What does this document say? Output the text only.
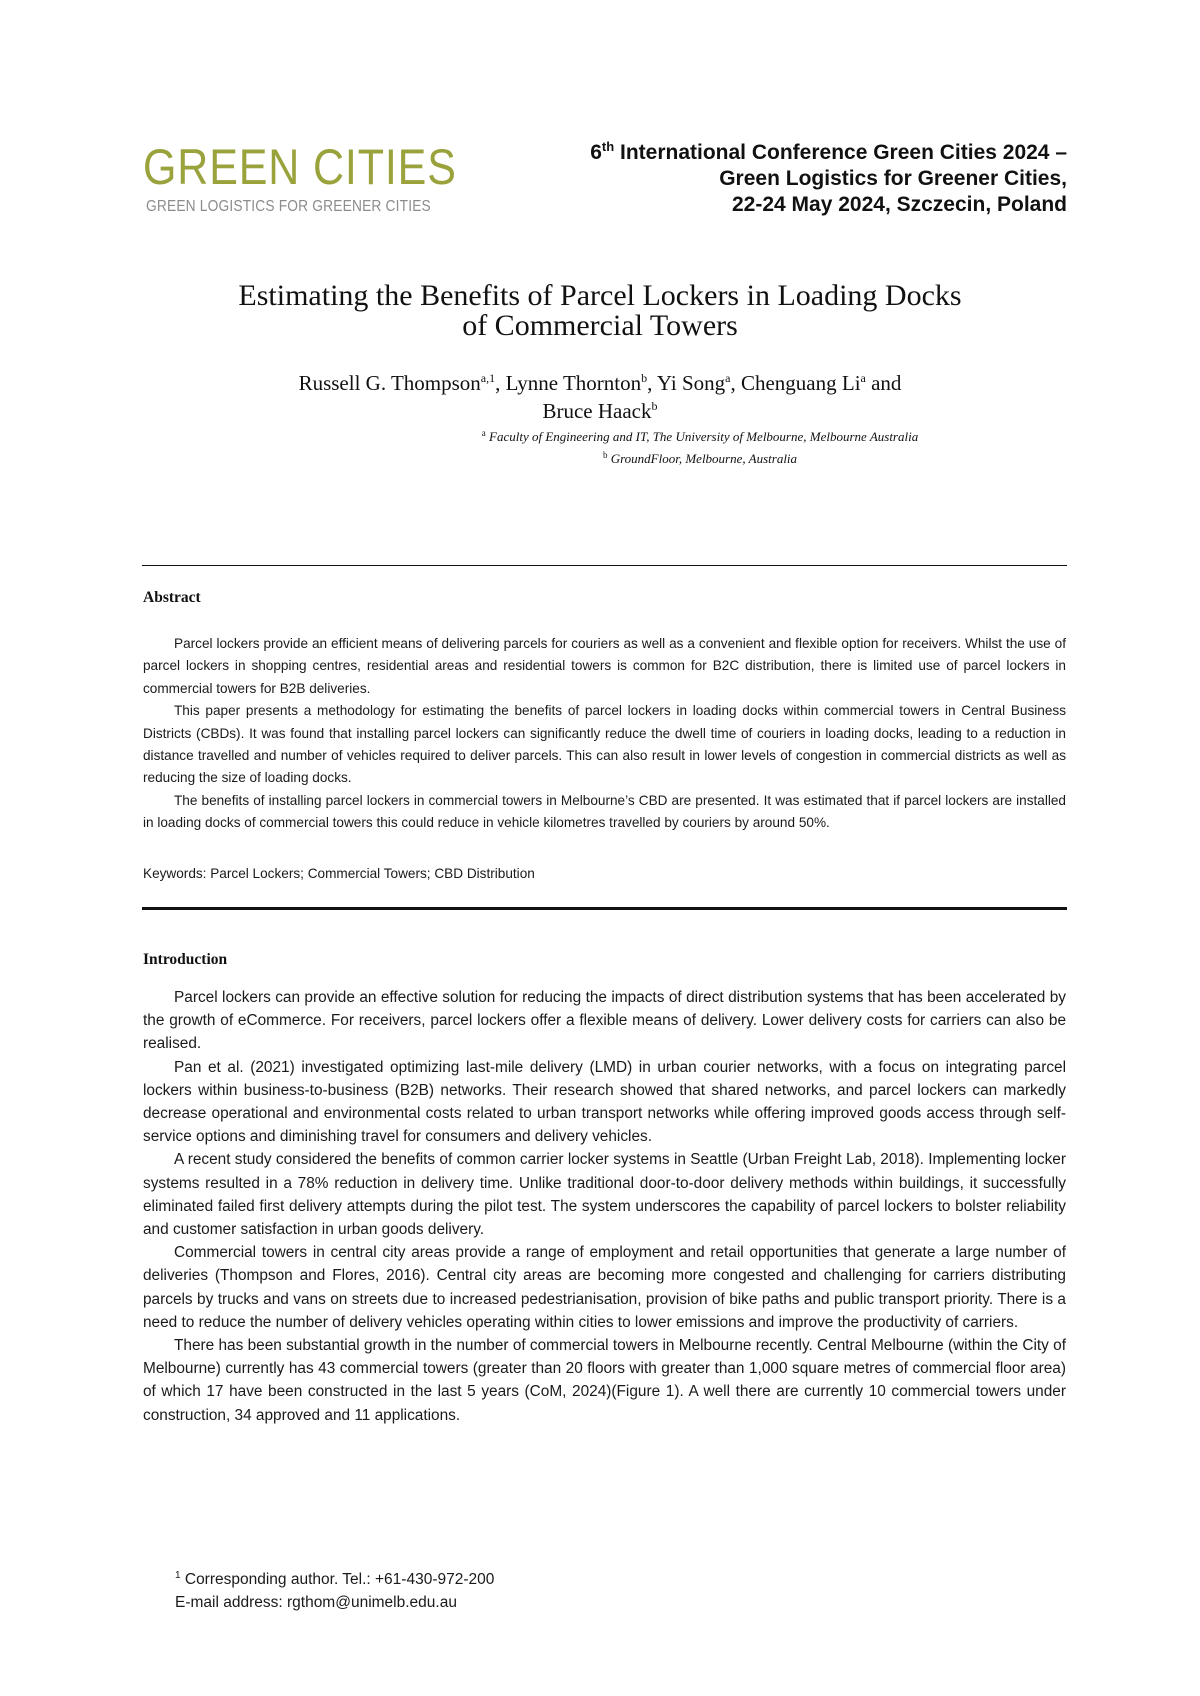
GREEN CITIES
GREEN LOGISTICS FOR GREENER CITIES
6th International Conference Green Cities 2024 –
Green Logistics for Greener Cities,
22-24 May 2024, Szczecin, Poland
Estimating the Benefits of Parcel Lockers in Loading Docks
of Commercial Towers
Russell G. Thompson$^{a,1}$, Lynne Thornton$^b$, Yi Song$^a$, Chenguang Li$^a$ and
Bruce Haack$^b$
$^a$ Faculty of Engineering and IT, The University of Melbourne, Melbourne Australia
$^b$ GroundFloor, Melbourne, Australia
Abstract

Parcel lockers provide an efficient means of delivering parcels for couriers as well as a convenient and flexible option for receivers. Whilst the use of parcel lockers in shopping centres, residential areas and residential towers is common for B2C distribution, there is limited use of parcel lockers in commercial towers for B2B deliveries.

This paper presents a methodology for estimating the benefits of parcel lockers in loading docks within commercial towers in Central Business Districts (CBDs). It was found that installing parcel lockers can significantly reduce the dwell time of couriers in loading docks, leading to a reduction in distance travelled and number of vehicles required to deliver parcels. This can also result in lower levels of congestion in commercial districts as well as reducing the size of loading docks.

The benefits of installing parcel lockers in commercial towers in Melbourne’s CBD are presented. It was estimated that if parcel lockers are installed in loading docks of commercial towers this could reduce in vehicle kilometres travelled by couriers by around 50%.

Keywords: Parcel Lockers; Commercial Towers; CBD Distribution
Introduction

Parcel lockers can provide an effective solution for reducing the impacts of direct distribution systems that has been accelerated by the growth of eCommerce. For receivers, parcel lockers offer a flexible means of delivery. Lower delivery costs for carriers can also be realised.

Pan et al. (2021) investigated optimizing last-mile delivery (LMD) in urban courier networks, with a focus on integrating parcel lockers within business-to-business (B2B) networks. Their research showed that shared networks, and parcel lockers can markedly decrease operational and environmental costs related to urban transport networks while offering improved goods access through self-service options and diminishing travel for consumers and delivery vehicles.

A recent study considered the benefits of common carrier locker systems in Seattle (Urban Freight Lab, 2018). Implementing locker systems resulted in a 78% reduction in delivery time. Unlike traditional door-to-door delivery methods within buildings, it successfully eliminated failed first delivery attempts during the pilot test. The system underscores the capability of parcel lockers to bolster reliability and customer satisfaction in urban goods delivery.

Commercial towers in central city areas provide a range of employment and retail opportunities that generate a large number of deliveries (Thompson and Flores, 2016). Central city areas are becoming more congested and challenging for carriers distributing parcels by trucks and vans on streets due to increased pedestrianisation, provision of bike paths and public transport priority. There is a need to reduce the number of delivery vehicles operating within cities to lower emissions and improve the productivity of carriers.

There has been substantial growth in the number of commercial towers in Melbourne recently. Central Melbourne (within the City of Melbourne) currently has 43 commercial towers (greater than 20 floors with greater than 1,000 square metres of commercial floor area) of which 17 have been constructed in the last 5 years (CoM, 2024)(Figure 1). A well there are currently 10 commercial towers under construction, 34 approved and 11 applications.

$^1$ Corresponding author. Tel.: +61-430-972-200
E-mail address: rgthom@unimelb.edu.au
